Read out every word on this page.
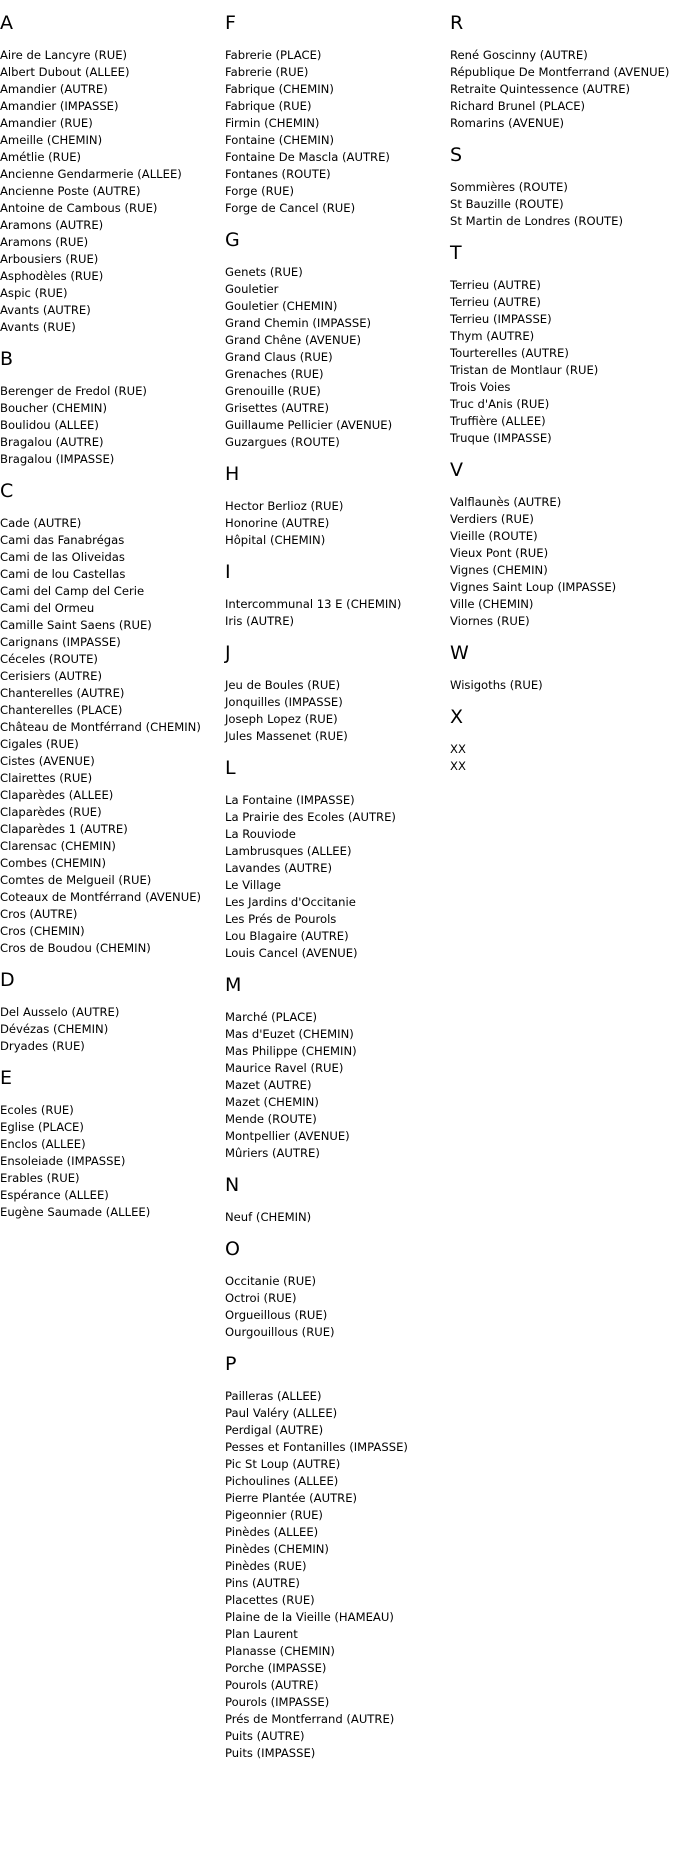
A
Aire de Lancyre (RUE)
Albert Dubout (ALLEE)
Amandier (AUTRE)
Amandier (IMPASSE)
Amandier (RUE)
Ameille (CHEMIN)
Amétlie (RUE)
Ancienne Gendarmerie (ALLEE)
Ancienne Poste (AUTRE)
Antoine de Cambous (RUE)
Aramons (AUTRE)
Aramons (RUE)
Arbousiers (RUE)
Asphodèles (RUE)
Aspic (RUE)
Avants (AUTRE)
Avants (RUE)
B
Berenger de Fredol (RUE)
Boucher (CHEMIN)
Boulidou (ALLEE)
Bragalou (AUTRE)
Bragalou (IMPASSE)
C
Cade (AUTRE)
Cami das Fanabrégas
Cami de las Oliveidas
Cami de lou Castellas
Cami del Camp del Cerie
Cami del Ormeu
Camille Saint Saens (RUE)
Carignans (IMPASSE)
Céceles (ROUTE)
Cerisiers (AUTRE)
Chanterelles (AUTRE)
Chanterelles (PLACE)
Château de Montférrand (CHEMIN)
Cigales (RUE)
Cistes (AVENUE)
Clairettes (RUE)
Claparèdes (ALLEE)
Claparèdes (RUE)
Claparèdes 1 (AUTRE)
Clarensac (CHEMIN)
Combes (CHEMIN)
Comtes de Melgueil (RUE)
Coteaux de Montférrand (AVENUE)
Cros (AUTRE)
Cros (CHEMIN)
Cros de Boudou (CHEMIN)
D
Del Ausselo (AUTRE)
Dévézas (CHEMIN)
Dryades (RUE)
E
Ecoles (RUE)
Eglise (PLACE)
Enclos (ALLEE)
Ensoleiade (IMPASSE)
Erables (RUE)
Espérance (ALLEE)
Eugène Saumade (ALLEE)
F
Fabrerie (PLACE)
Fabrerie (RUE)
Fabrique (CHEMIN)
Fabrique (RUE)
Firmin (CHEMIN)
Fontaine (CHEMIN)
Fontaine De Mascla (AUTRE)
Fontanes (ROUTE)
Forge (RUE)
Forge de Cancel (RUE)
G
Genets (RUE)
Gouletier
Gouletier (CHEMIN)
Grand Chemin (IMPASSE)
Grand Chêne (AVENUE)
Grand Claus (RUE)
Grenaches (RUE)
Grenouille (RUE)
Grisettes (AUTRE)
Guillaume Pellicier (AVENUE)
Guzargues (ROUTE)
H
Hector Berlioz (RUE)
Honorine (AUTRE)
Hôpital (CHEMIN)
I
Intercommunal 13 E (CHEMIN)
Iris (AUTRE)
J
Jeu de Boules (RUE)
Jonquilles (IMPASSE)
Joseph Lopez (RUE)
Jules Massenet (RUE)
L
La Fontaine (IMPASSE)
La Prairie des Ecoles (AUTRE)
La Rouviode
Lambrusques (ALLEE)
Lavandes (AUTRE)
Le Village
Les Jardins d'Occitanie
Les Prés de Pourols
Lou Blagaire (AUTRE)
Louis Cancel (AVENUE)
M
Marché (PLACE)
Mas d'Euzet (CHEMIN)
Mas Philippe (CHEMIN)
Maurice Ravel (RUE)
Mazet (AUTRE)
Mazet (CHEMIN)
Mende (ROUTE)
Montpellier (AVENUE)
Mûriers (AUTRE)
N
Neuf (CHEMIN)
O
Occitanie (RUE)
Octroi (RUE)
Orgueillous (RUE)
Ourgouillous (RUE)
P
Pailleras (ALLEE)
Paul Valéry (ALLEE)
Perdigal (AUTRE)
Pesses et Fontanilles (IMPASSE)
Pic St Loup (AUTRE)
Pichoulines (ALLEE)
Pierre Plantée (AUTRE)
Pigeonnier (RUE)
Pinèdes (ALLEE)
Pinèdes (CHEMIN)
Pinèdes (RUE)
Pins (AUTRE)
Placettes (RUE)
Plaine de la Vieille (HAMEAU)
Plan Laurent
Planasse (CHEMIN)
Porche (IMPASSE)
Pourols (AUTRE)
Pourols (IMPASSE)
Prés de Montferrand (AUTRE)
Puits (AUTRE)
Puits (IMPASSE)
R
René Goscinny (AUTRE)
République De Montferrand (AVENUE)
Retraite Quintessence (AUTRE)
Richard Brunel (PLACE)
Romarins (AVENUE)
S
Sommières (ROUTE)
St Bauzille (ROUTE)
St Martin de Londres (ROUTE)
T
Terrieu (AUTRE)
Terrieu (AUTRE)
Terrieu (IMPASSE)
Thym (AUTRE)
Tourterelles (AUTRE)
Tristan de Montlaur (RUE)
Trois Voies
Truc d'Anis (RUE)
Truffière (ALLEE)
Truque (IMPASSE)
V
Valflaunès (AUTRE)
Verdiers (RUE)
Vieille (ROUTE)
Vieux Pont (RUE)
Vignes (CHEMIN)
Vignes Saint Loup (IMPASSE)
Ville (CHEMIN)
Viornes (RUE)
W
Wisigoths (RUE)
X
XX
XX
